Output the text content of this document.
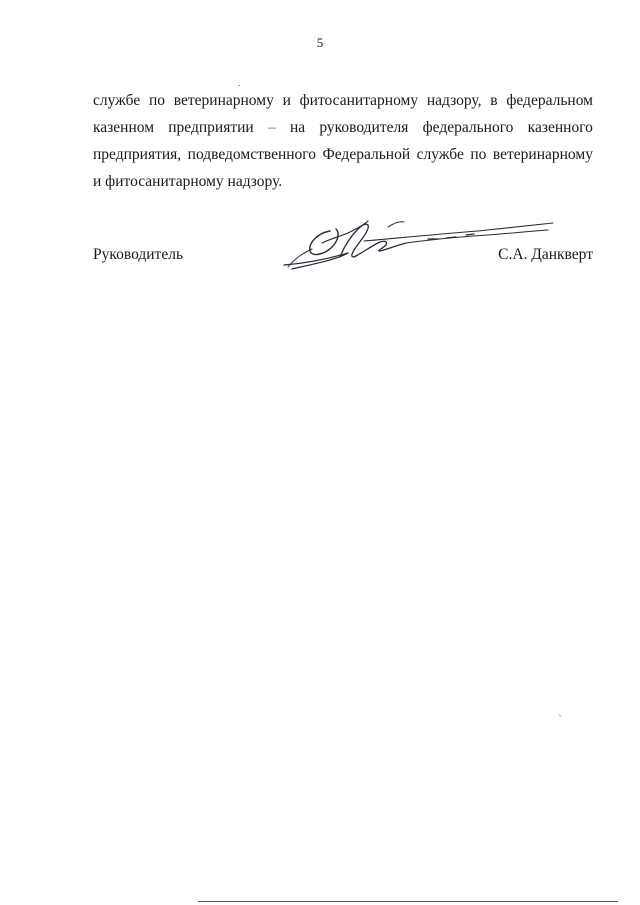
5
службе по ветеринарному и фитосанитарному надзору, в федеральном
казенном предприятии – на руководителя федерального казенного
предприятия, подведомственного Федеральной службе по ветеринарному
и фитосанитарному надзору.
Руководитель	С.А. Данкверт
